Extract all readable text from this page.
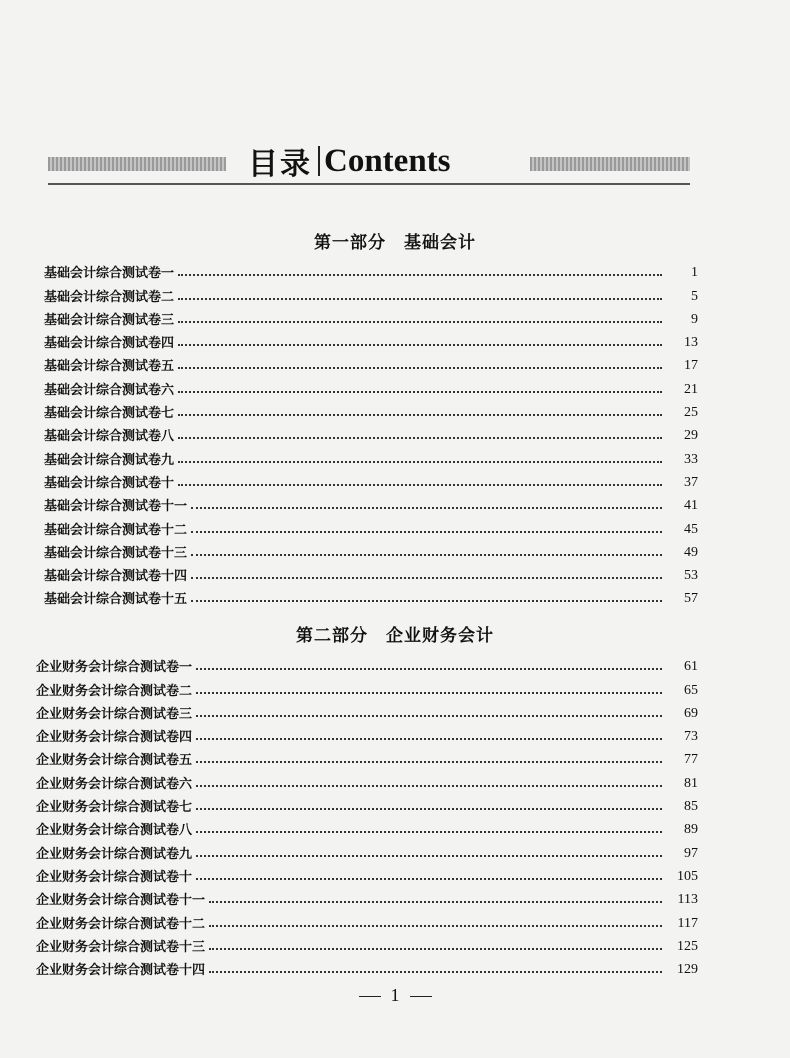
目录 Contents
第一部分 基础会计
基础会计综合测试卷一	1
基础会计综合测试卷二	5
基础会计综合测试卷三	9
基础会计综合测试卷四	13
基础会计综合测试卷五	17
基础会计综合测试卷六	21
基础会计综合测试卷七	25
基础会计综合测试卷八	29
基础会计综合测试卷九	33
基础会计综合测试卷十	37
基础会计综合测试卷十一	41
基础会计综合测试卷十二	45
基础会计综合测试卷十三	49
基础会计综合测试卷十四	53
基础会计综合测试卷十五	57
第二部分 企业财务会计
企业财务会计综合测试卷一	61
企业财务会计综合测试卷二	65
企业财务会计综合测试卷三	69
企业财务会计综合测试卷四	73
企业财务会计综合测试卷五	77
企业财务会计综合测试卷六	81
企业财务会计综合测试卷七	85
企业财务会计综合测试卷八	89
企业财务会计综合测试卷九	97
企业财务会计综合测试卷十	105
企业财务会计综合测试卷十一	113
企业财务会计综合测试卷十二	117
企业财务会计综合测试卷十三	125
企业财务会计综合测试卷十四	129
1
